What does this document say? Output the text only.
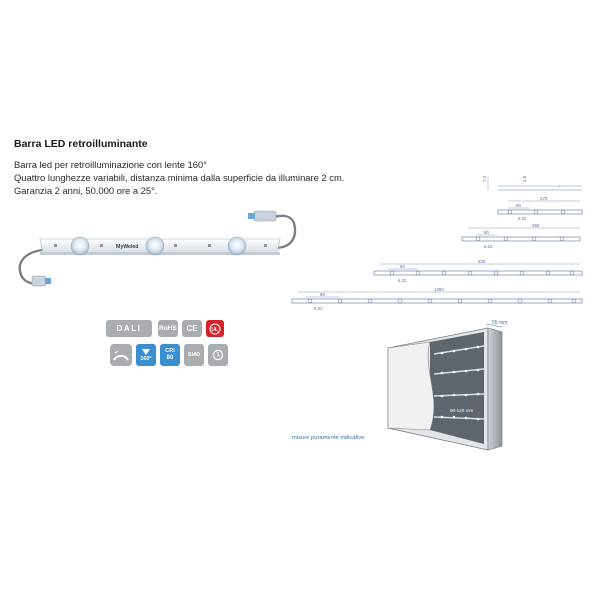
Barra LED retroilluminante
Barra led per retroilluminazione con lente 160°
Quattro lunghezze variabili, distanza minima dalla superficie da illuminare 2 cm.
Garanzia 2 anni, 50.000 ore a 25°.
MyWeled
DALI	RoHS	CE	UL
160°
CRI
80	SMD
7.4	1.8
~
270
90
6.22
360
90
6.22
630
90
6.22
1260
90
6.22
55 mm
90-120 mm
misure puramente indicative
